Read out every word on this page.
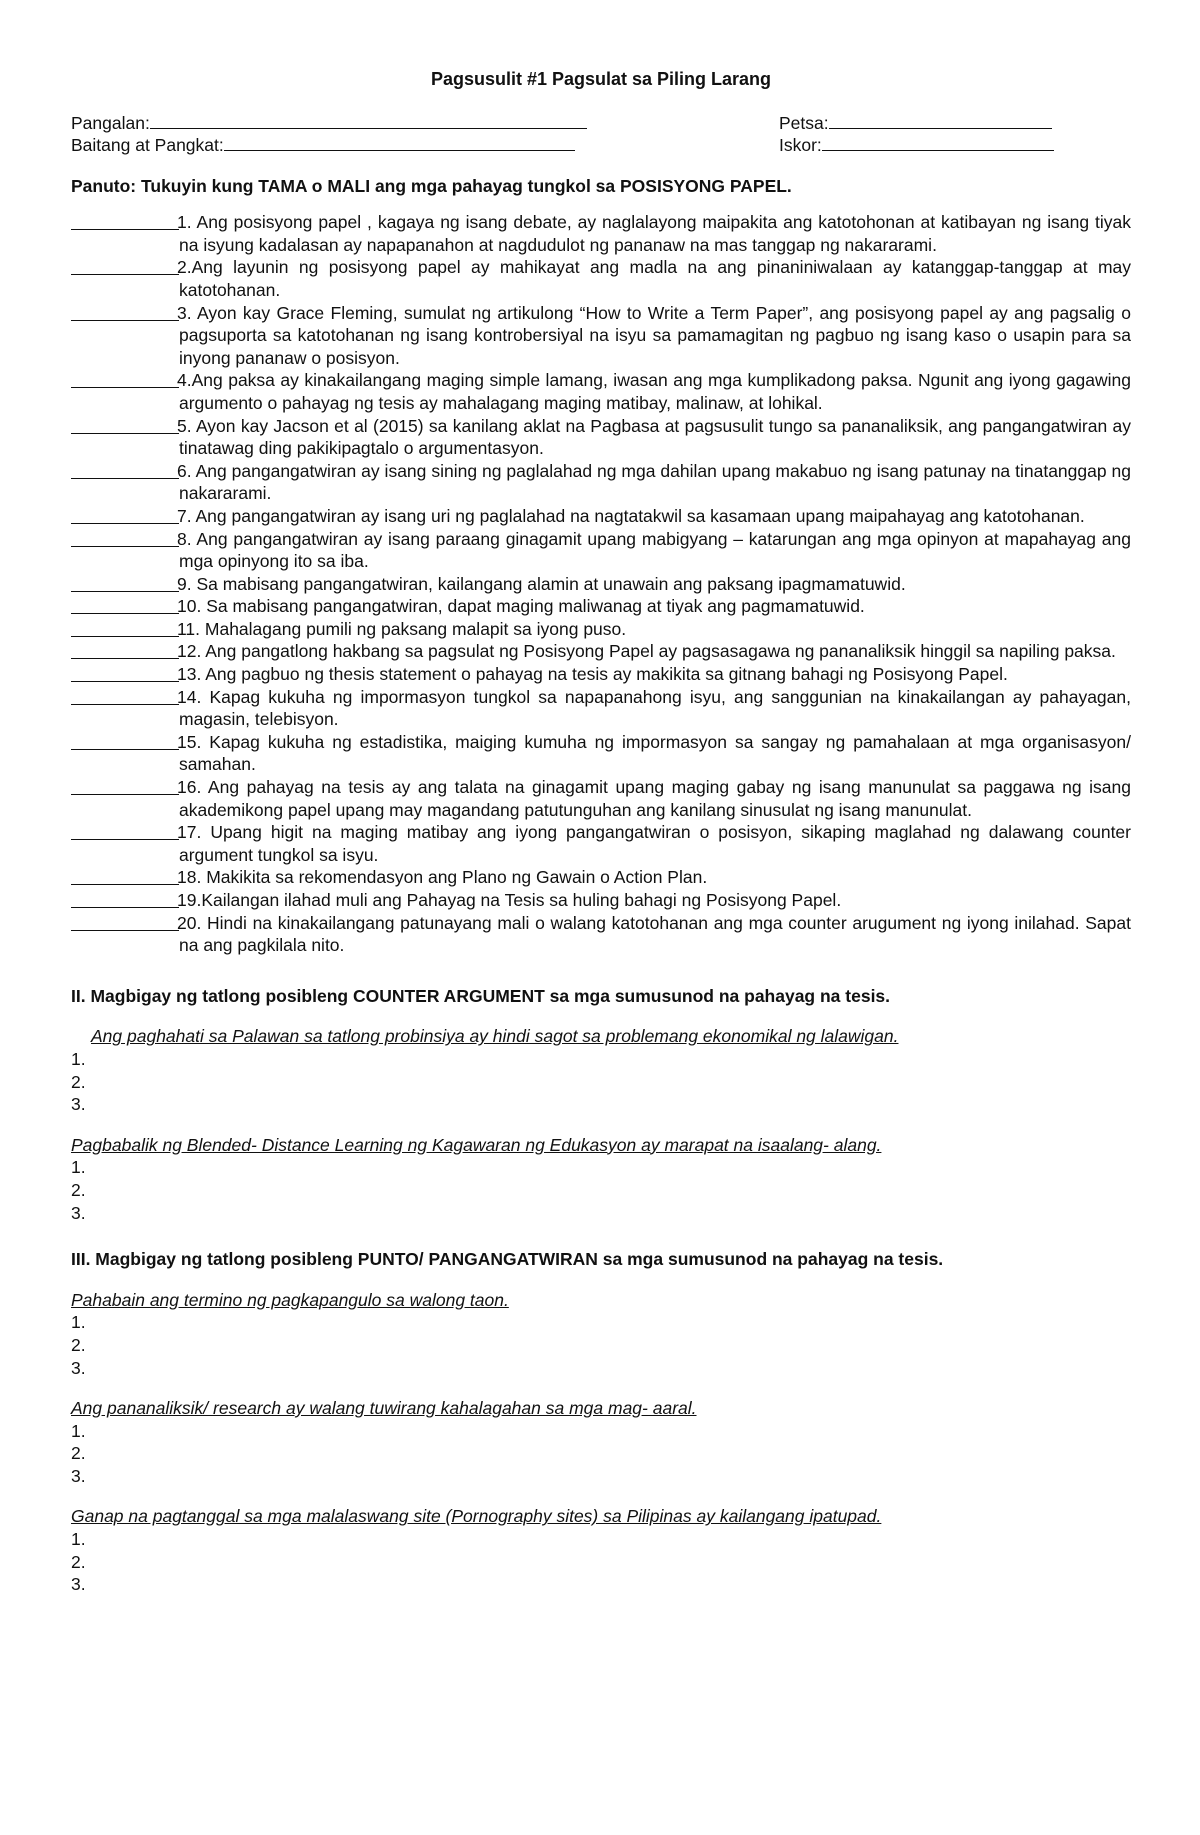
Pagsusulit #1 Pagsulat sa Piling Larang
Pangalan:
Baitang at Pangkat:
Petsa:
Iskor:
Panuto: Tukuyin kung TAMA o MALI ang mga pahayag tungkol sa POSISYONG PAPEL.
1. Ang posisyong papel , kagaya ng isang debate, ay naglalayong maipakita ang katotohonan at katibayan ng isang tiyak na isyung kadalasan ay napapanahon at nagdudulot ng pananaw na mas tanggap ng nakararami.
2.Ang layunin ng posisyong papel ay mahikayat ang madla na ang pinaniniwalaan ay katanggap-tanggap at may katotohanan.
3. Ayon kay Grace Fleming, sumulat ng artikulong “How to Write a Term Paper”, ang posisyong papel ay ang pagsalig o pagsuporta sa katotohanan ng isang kontrobersiyal na isyu sa pamamagitan ng pagbuo ng isang kaso o usapin para sa inyong pananaw o posisyon.
4.Ang paksa ay kinakailangang maging simple lamang, iwasan ang mga kumplikadong paksa. Ngunit ang iyong gagawing argumento o pahayag ng tesis ay mahalagang maging matibay, malinaw, at lohikal.
5. Ayon kay Jacson et al (2015) sa kanilang aklat na Pagbasa at pagsusulit tungo sa pananaliksik, ang pangangatwiran ay tinatawag ding pakikipagtalo o argumentasyon.
6. Ang pangangatwiran ay isang sining ng paglalahad ng mga dahilan upang makabuo ng isang patunay na tinatanggap ng nakararami.
7. Ang pangangatwiran ay isang uri ng paglalahad na nagtatakwil sa kasamaan upang maipahayag ang katotohanan.
8. Ang pangangatwiran ay isang paraang ginagamit upang mabigyang – katarungan ang mga opinyon at mapahayag ang mga opinyong ito sa iba.
9. Sa mabisang pangangatwiran, kailangang alamin at unawain ang paksang ipagmamatuwid.
10. Sa mabisang pangangatwiran, dapat maging maliwanag at tiyak ang pagmamatuwid.
11. Mahalagang pumili ng paksang malapit sa iyong puso.
12. Ang pangatlong hakbang sa pagsulat ng Posisyong Papel ay pagsasagawa ng pananaliksik hinggil sa napiling paksa.
13. Ang pagbuo ng thesis statement o pahayag na tesis ay makikita sa gitnang bahagi ng Posisyong Papel.
14. Kapag kukuha ng impormasyon tungkol sa napapanahong isyu, ang sanggunian na kinakailangan ay pahayagan, magasin, telebisyon.
15. Kapag kukuha ng estadistika, maiging kumuha ng impormasyon sa sangay ng pamahalaan at mga organisasyon/ samahan.
16. Ang pahayag na tesis ay ang talata na ginagamit upang maging gabay ng isang manunulat sa paggawa ng isang akademikong papel upang may magandang patutunguhan ang kanilang sinusulat ng isang manunulat.
17. Upang higit na maging matibay ang iyong pangangatwiran o posisyon, sikaping maglahad ng dalawang counter argument tungkol sa isyu.
18. Makikita sa rekomendasyon ang Plano ng Gawain o Action Plan.
19.Kailangan ilahad muli ang Pahayag na Tesis sa huling bahagi ng Posisyong Papel.
20. Hindi na kinakailangang patunayang mali o walang katotohanan ang mga counter arugument ng iyong inilahad. Sapat na ang pagkilala nito.
II. Magbigay ng tatlong posibleng COUNTER ARGUMENT sa mga sumusunod na pahayag na tesis.
Ang paghahati sa Palawan sa tatlong probinsiya ay hindi sagot sa problemang ekonomikal ng lalawigan.
1.
2.
3.
Pagbabalik ng Blended- Distance Learning ng Kagawaran ng Edukasyon ay marapat na isaalang- alang.
1.
2.
3.
III. Magbigay ng tatlong posibleng PUNTO/ PANGANGATWIRAN sa mga sumusunod na pahayag na tesis.
Pahabain ang termino ng pagkapangulo sa walong taon.
1.
2.
3.
Ang pananaliksik/ research ay walang tuwirang kahalagahan sa mga mag- aaral.
1.
2.
3.
Ganap na pagtanggal sa mga malalaswang site (Pornography sites) sa Pilipinas ay kailangang ipatupad.
1.
2.
3.
